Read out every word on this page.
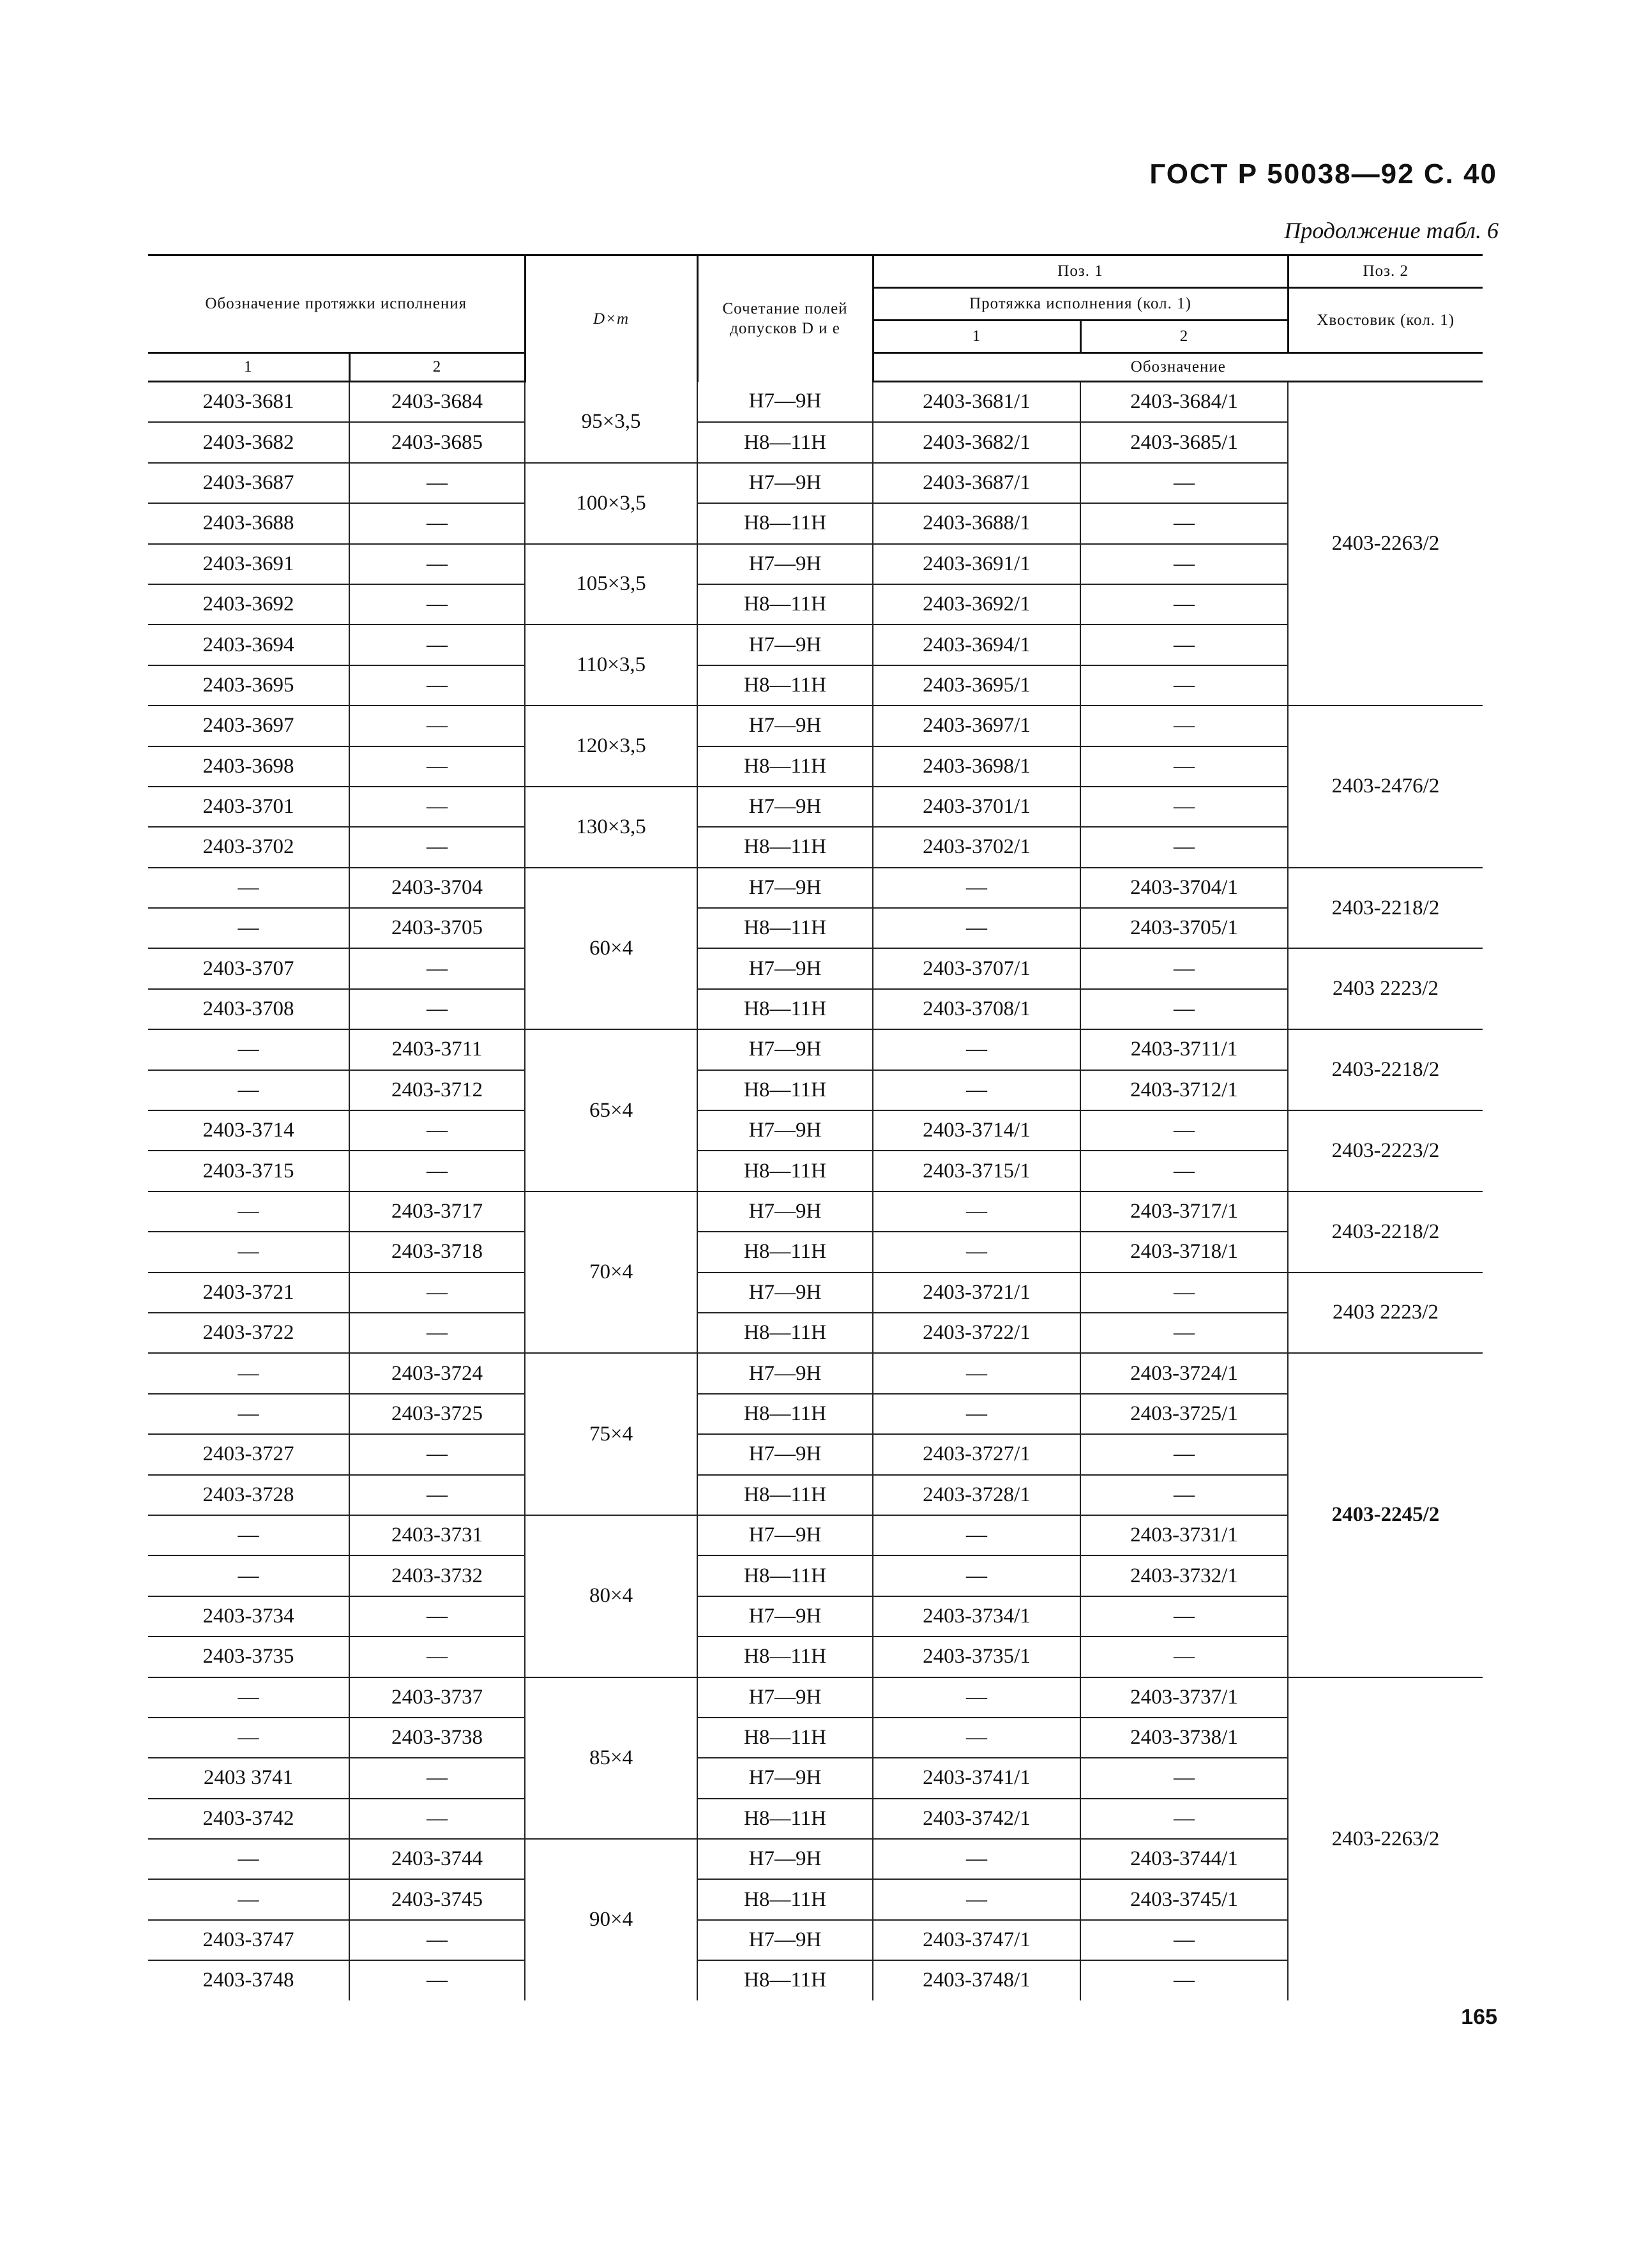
ГОСТ Р 50038—92 С. 40
Продолжение табл. 6
Обозначение протяжки исполнения		D×m	Сочетание полей допусков D и e	Поз. 1		Поз. 2
				Протяжка исполнения (кол. 1)		Хвостовик (кол. 1)
				1	2	
1	2			Обозначение		
2403-3681	2403-3684	95×3,5	H7—9H	2403-3681/1	2403-3684/1	2403-2263/2
2403-3682	2403-3685		H8—11H	2403-3682/1	2403-3685/1	
2403-3687	—	100×3,5	H7—9H	2403-3687/1	—	
2403-3688	—		H8—11H	2403-3688/1	—	
2403-3691	—	105×3,5	H7—9H	2403-3691/1	—	
2403-3692	—		H8—11H	2403-3692/1	—	
2403-3694	—	110×3,5	H7—9H	2403-3694/1	—	
2403-3695	—		H8—11H	2403-3695/1	—	
2403-3697	—	120×3,5	H7—9H	2403-3697/1	—	2403-2476/2
2403-3698	—		H8—11H	2403-3698/1	—	
2403-3701	—	130×3,5	H7—9H	2403-3701/1	—	
2403-3702	—		H8—11H	2403-3702/1	—	
—	2403-3704	60×4	H7—9H	—	2403-3704/1	2403-2218/2
—	2403-3705		H8—11H	—	2403-3705/1	
2403-3707	—		H7—9H	2403-3707/1	—	2403 2223/2
2403-3708	—		H8—11H	2403-3708/1	—	
—	2403-3711	65×4	H7—9H	—	2403-3711/1	2403-2218/2
—	2403-3712		H8—11H	—	2403-3712/1	
2403-3714	—		H7—9H	2403-3714/1	—	2403-2223/2
2403-3715	—		H8—11H	2403-3715/1	—	
—	2403-3717	70×4	H7—9H	—	2403-3717/1	2403-2218/2
—	2403-3718		H8—11H	—	2403-3718/1	
2403-3721	—		H7—9H	2403-3721/1	—	2403 2223/2
2403-3722	—		H8—11H	2403-3722/1	—	
—	2403-3724	75×4	H7—9H	—	2403-3724/1	2403-2245/2
—	2403-3725		H8—11H	—	2403-3725/1	
2403-3727	—		H7—9H	2403-3727/1	—	
2403-3728	—		H8—11H	2403-3728/1	—	
—	2403-3731	80×4	H7—9H	—	2403-3731/1	
—	2403-3732		H8—11H	—	2403-3732/1	
2403-3734	—		H7—9H	2403-3734/1	—	
2403-3735	—		H8—11H	2403-3735/1	—	
—	2403-3737	85×4	H7—9H	—	2403-3737/1	2403-2263/2
—	2403-3738		H8—11H	—	2403-3738/1	
2403 3741	—		H7—9H	2403-3741/1	—	
2403-3742	—		H8—11H	2403-3742/1	—	
—	2403-3744	90×4	H7—9H	—	2403-3744/1	
—	2403-3745		H8—11H	—	2403-3745/1	
2403-3747	—		H7—9H	2403-3747/1	—	
2403-3748	—		H8—11H	2403-3748/1	—	
165
